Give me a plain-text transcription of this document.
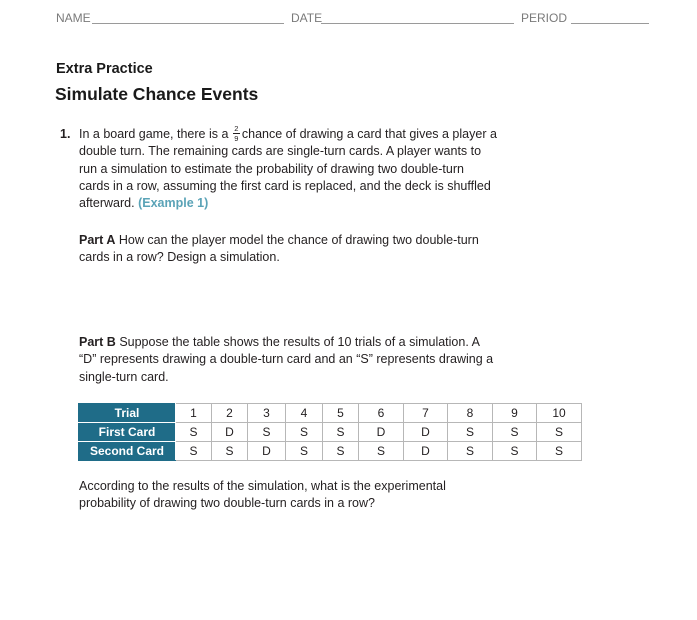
NAME	DATE	PERIOD
Extra Practice
Simulate Chance Events
1. In a board game, there is a $\frac{2}{9}$ chance of drawing a card that gives a player a
double turn. The remaining cards are single-turn cards. A player wants to
run a simulation to estimate the probability of drawing two double-turn
cards in a row, assuming the first card is replaced, and the deck is shuffled
afterward. (Example 1)
Part A How can the player model the chance of drawing two double-turn
cards in a row? Design a simulation.
Part B Suppose the table shows the results of 10 trials of a simulation. A
“D” represents drawing a double-turn card and an “S” represents drawing a
single-turn card.
Trial	1	2	3	4	5	6	7	8	9	10
First Card	S	D	S	S	S	D	D	S	S	S
Second Card	S	S	D	S	S	S	D	S	S	S
According to the results of the simulation, what is the experimental
probability of drawing two double-turn cards in a row?
